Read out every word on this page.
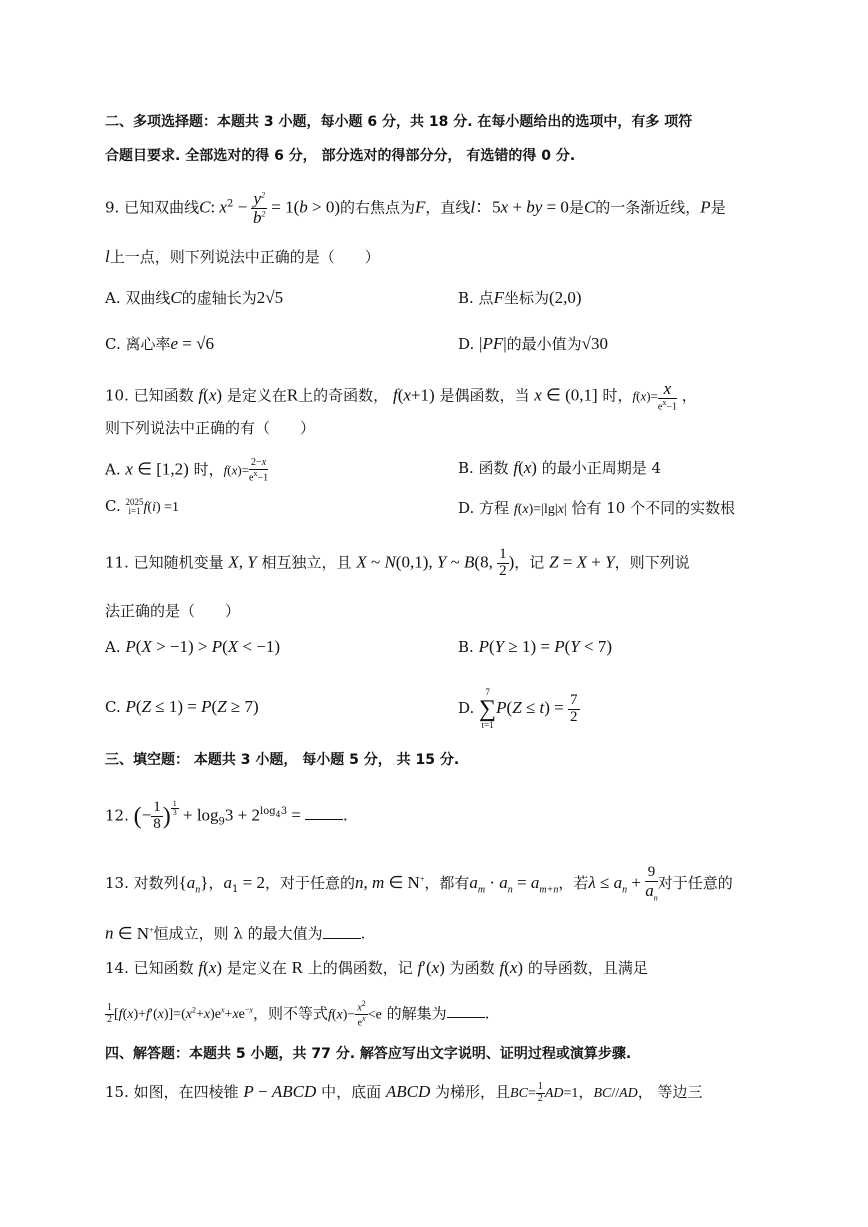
二、多项选择题：本题共 3 小题，每小题 6 分，共 18 分. 在每小题给出的选项中，有多 项符
合题目要求. 全部选对的得 6 分， 部分选对的得部分分， 有选错的得 0 分.
9. 已知双曲线C: $x^2 - \frac{y^2}{b^2} = 1(b > 0)$的右焦点为F，直线l：5x + by = 0是C的一条渐近线，P是
l上一点，则下列说法中正确的是（　　）
A. 双曲线C的虚轴长为2√5	B. 点F坐标为(2,0)
C. 离心率e = √6	D. |PF|的最小值为√30
10. 已知函数 f(x) 是定义在R上的奇函数， f(x+1) 是偶函数，当 x ∈ (0,1] 时，$f(x)= \frac{x}{e^x-1}$ ，
则下列说法中正确的有（　　）
A. x ∈ [1,2) 时，$f(x)= \frac{2-x}{e^x-1}$	B. 函数 f(x) 的最小正周期是 4
C. 2025
i=1 f(i) =1	D. 方程 f(x)=|lg|x| 恰有 10 个不同的实数根
11. 已知随机变量 X, Y 相互独立，且 X ~ N(0,1), Y ~ B(8, $\frac{1}{2}$ )，记 Z = X + Y，则下列说
法正确的是（　　）
A. P(X > −1) > P(X < −1)	B. P(Y ≥ 1) = P(Y < 7)
C. P(Z ≤ 1) = P(Z ≥ 7)	D.
7
∑
t=1
$P(Z \le t) = \frac{7}{2}$
三、填空题： 本题共 3 小题， 每小题 5 分， 共 15 分.
12. (− $\frac{1}{8}$ ) $^{\frac{1}{3}} + \log_93 + 2^{log_43}$ = .
13. 对数列$\{a_n\}$，$a_1 = 2$，对于任意的n, m ∈ N+，都有$a_m \cdot a_n = a_{m+n}$，若$\lambda \le a_n + \frac{9}{a_n}$ 对于任意的
n ∈ N+恒成立，则 λ 的最大值为	.
14. 已知函数 f(x) 是定义在 R 上的偶函数，记 f′(x) 为函数 f(x) 的导函数，且满足
$\frac{1}{2} [f(x)+f'(x)]=(x^2+x)e^x+xe^{-x}$，则不等式$f(x)- \frac{x^2}{e^x} <e$ 的解集为	.
四、解答题：本题共 5 小题，共 77 分. 解答应写出文字说明、证明过程或演算步骤.
15. 如图，在四棱锥 P − ABCD 中，底面 ABCD 为梯形，且$BC= \frac{1}{2} AD=1$，BC//AD， 等边三
